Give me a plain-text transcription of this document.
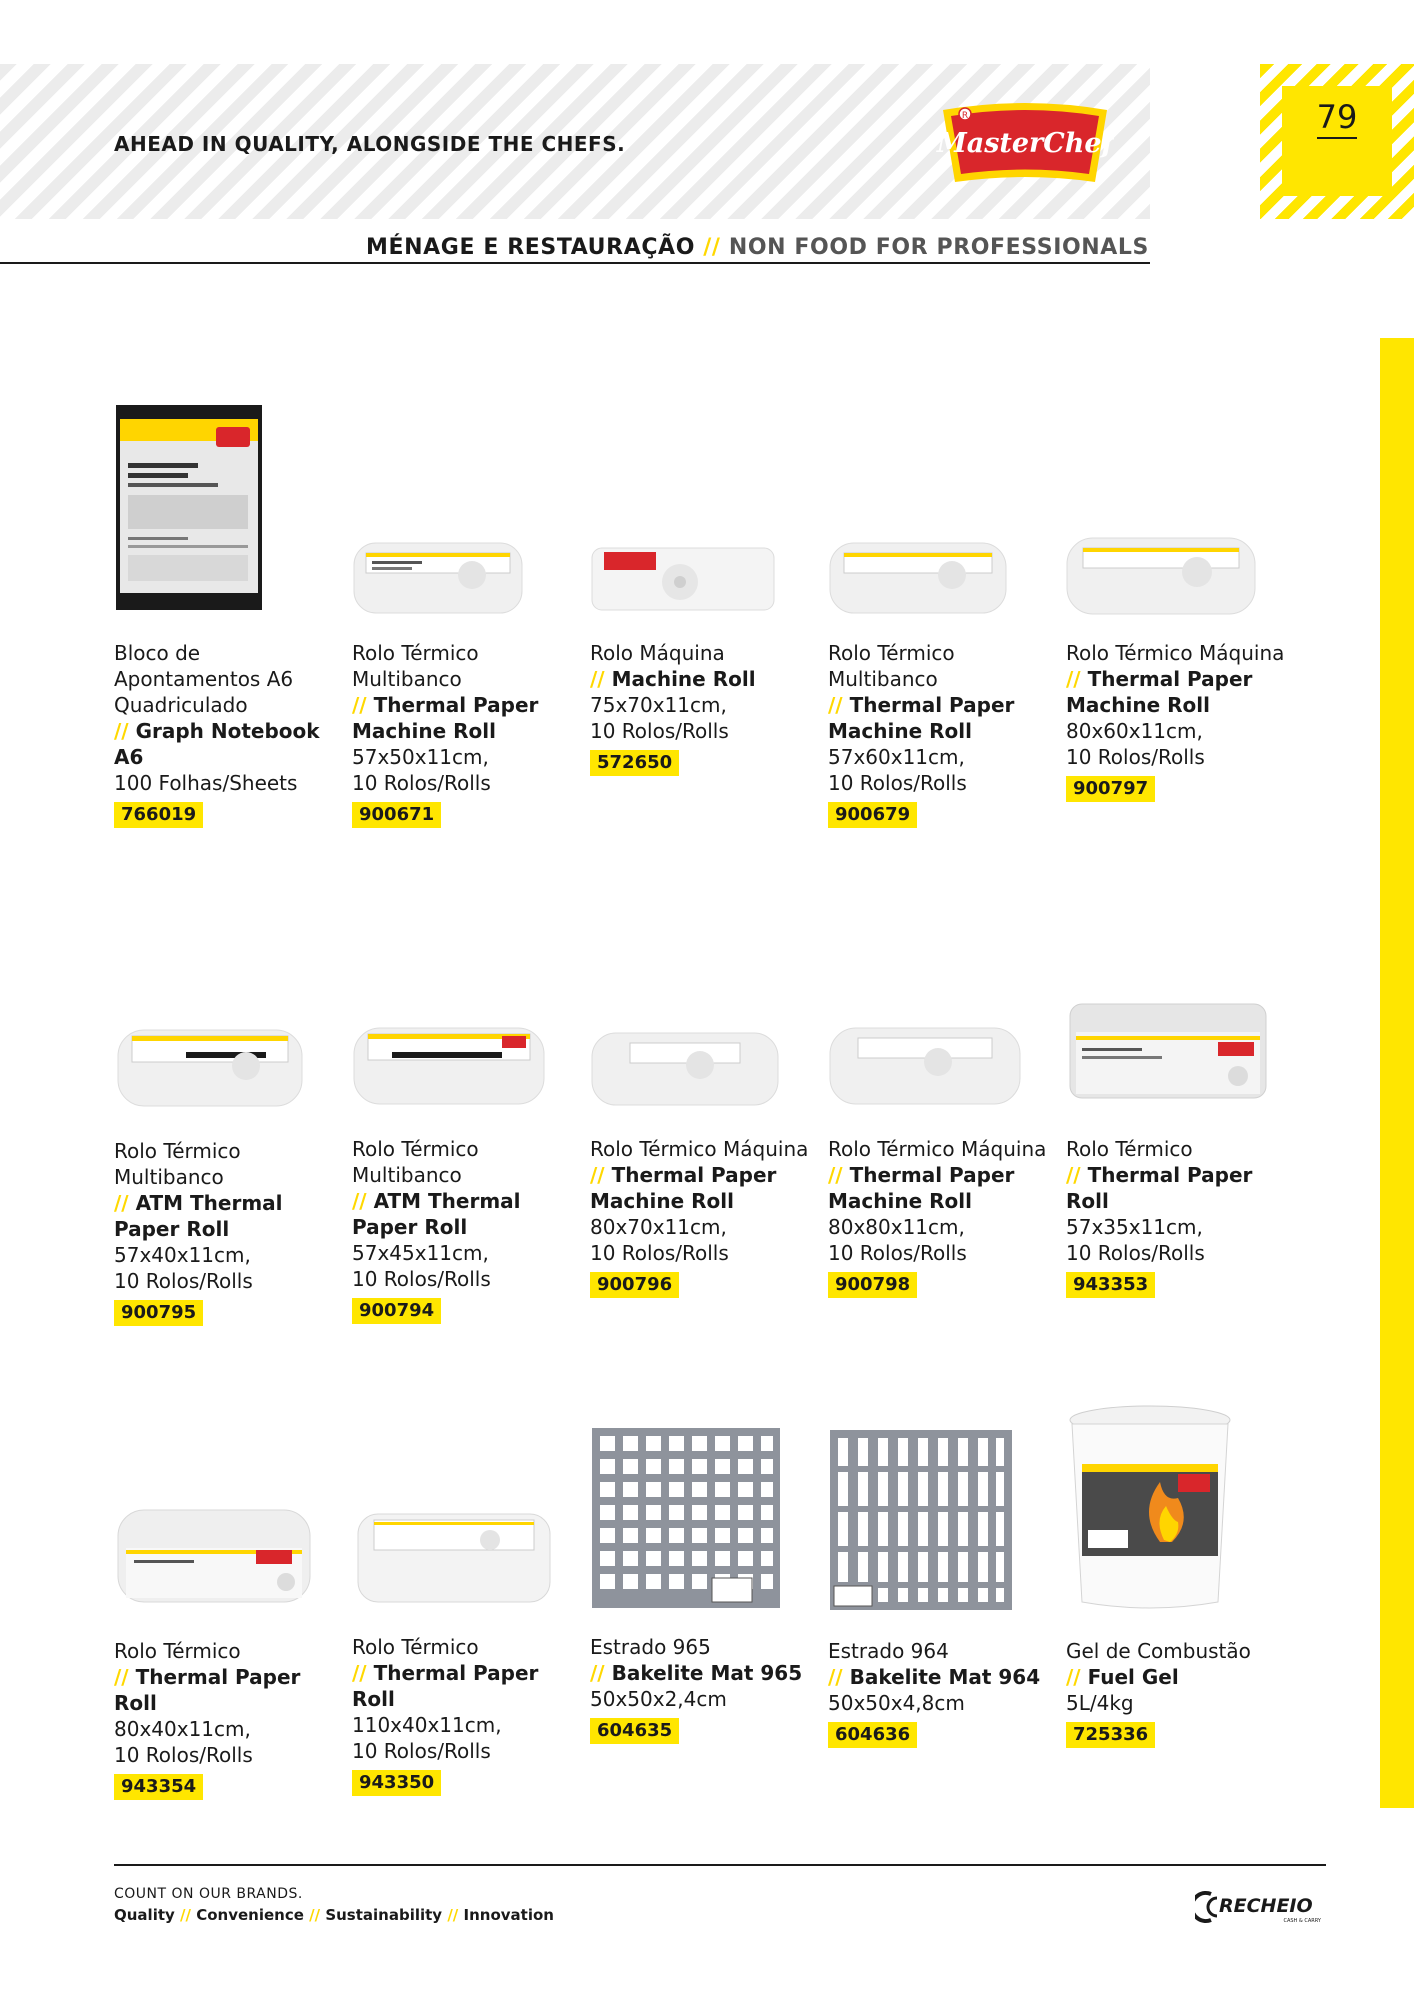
AHEAD IN QUALITY, ALONGSIDE THE CHEFS.
R
MasterChef
79
MÉNAGE E RESTAURAÇÃO // NON FOOD FOR PROFESSIONALS
Bloco de Apontamentos A6 Quadriculado
// Graph Notebook A6
100 Folhas/Sheets
766019
Rolo Térmico Multibanco
// Thermal Paper Machine Roll
57x50x11cm,
10 Rolos/Rolls
900671
Rolo Máquina
// Machine Roll
75x70x11cm,
10 Rolos/Rolls
572650
Rolo Térmico Multibanco
// Thermal Paper Machine Roll
57x60x11cm,
10 Rolos/Rolls
900679
Rolo Térmico Máquina
// Thermal Paper Machine Roll
80x60x11cm,
10 Rolos/Rolls
900797
Rolo Térmico Multibanco
// ATM Thermal Paper Roll
57x40x11cm,
10 Rolos/Rolls
900795
Rolo Térmico Multibanco
// ATM Thermal Paper Roll
57x45x11cm,
10 Rolos/Rolls
900794
Rolo Térmico Máquina
// Thermal Paper Machine Roll
80x70x11cm,
10 Rolos/Rolls
900796
Rolo Térmico Máquina
// Thermal Paper Machine Roll
80x80x11cm,
10 Rolos/Rolls
900798
Rolo Térmico
// Thermal Paper Roll
57x35x11cm,
10 Rolos/Rolls
943353
Rolo Térmico
// Thermal Paper Roll
80x40x11cm,
10 Rolos/Rolls
943354
Rolo Térmico
// Thermal Paper Roll
110x40x11cm,
10 Rolos/Rolls
943350
Estrado 965
// Bakelite Mat 965
50x50x2,4cm
604635
Estrado 964
// Bakelite Mat 964
50x50x4,8cm
604636
Gel de Combustão
// Fuel Gel
5L/4kg
725336
COUNT ON OUR BRANDS.
Quality // Convenience // Sustainability // Innovation	RECHEIO
CASH & CARRY
